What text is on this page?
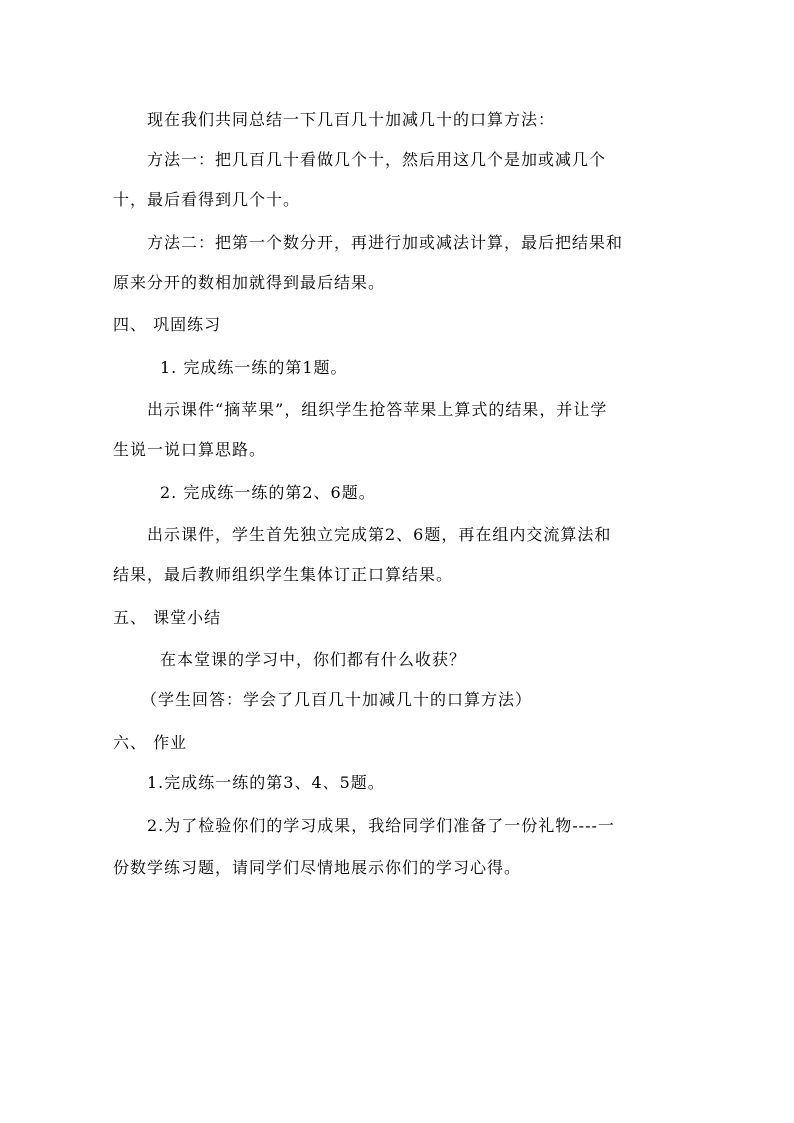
现在我们共同总结一下几百几十加减几十的口算方法：
方法一：把几百几十看做几个十，然后用这几个是加或减几个
十，最后看得到几个十。
方法二：把第一个数分开，再进行加或减法计算，最后把结果和
原来分开的数相加就得到最后结果。
四、 巩固练习
1. 完成练一练的第1题。
出示课件“摘苹果”，组织学生抢答苹果上算式的结果，并让学
生说一说口算思路。
2. 完成练一练的第2、6题。
出示课件，学生首先独立完成第2、6题，再在组内交流算法和
结果，最后教师组织学生集体订正口算结果。
五、 课堂小结
在本堂课的学习中，你们都有什么收获？
（学生回答：学会了几百几十加减几十的口算方法）
六、 作业
1.完成练一练的第3、4、5题。
2.为了检验你们的学习成果，我给同学们准备了一份礼物----一
份数学练习题，请同学们尽情地展示你们的学习心得。
